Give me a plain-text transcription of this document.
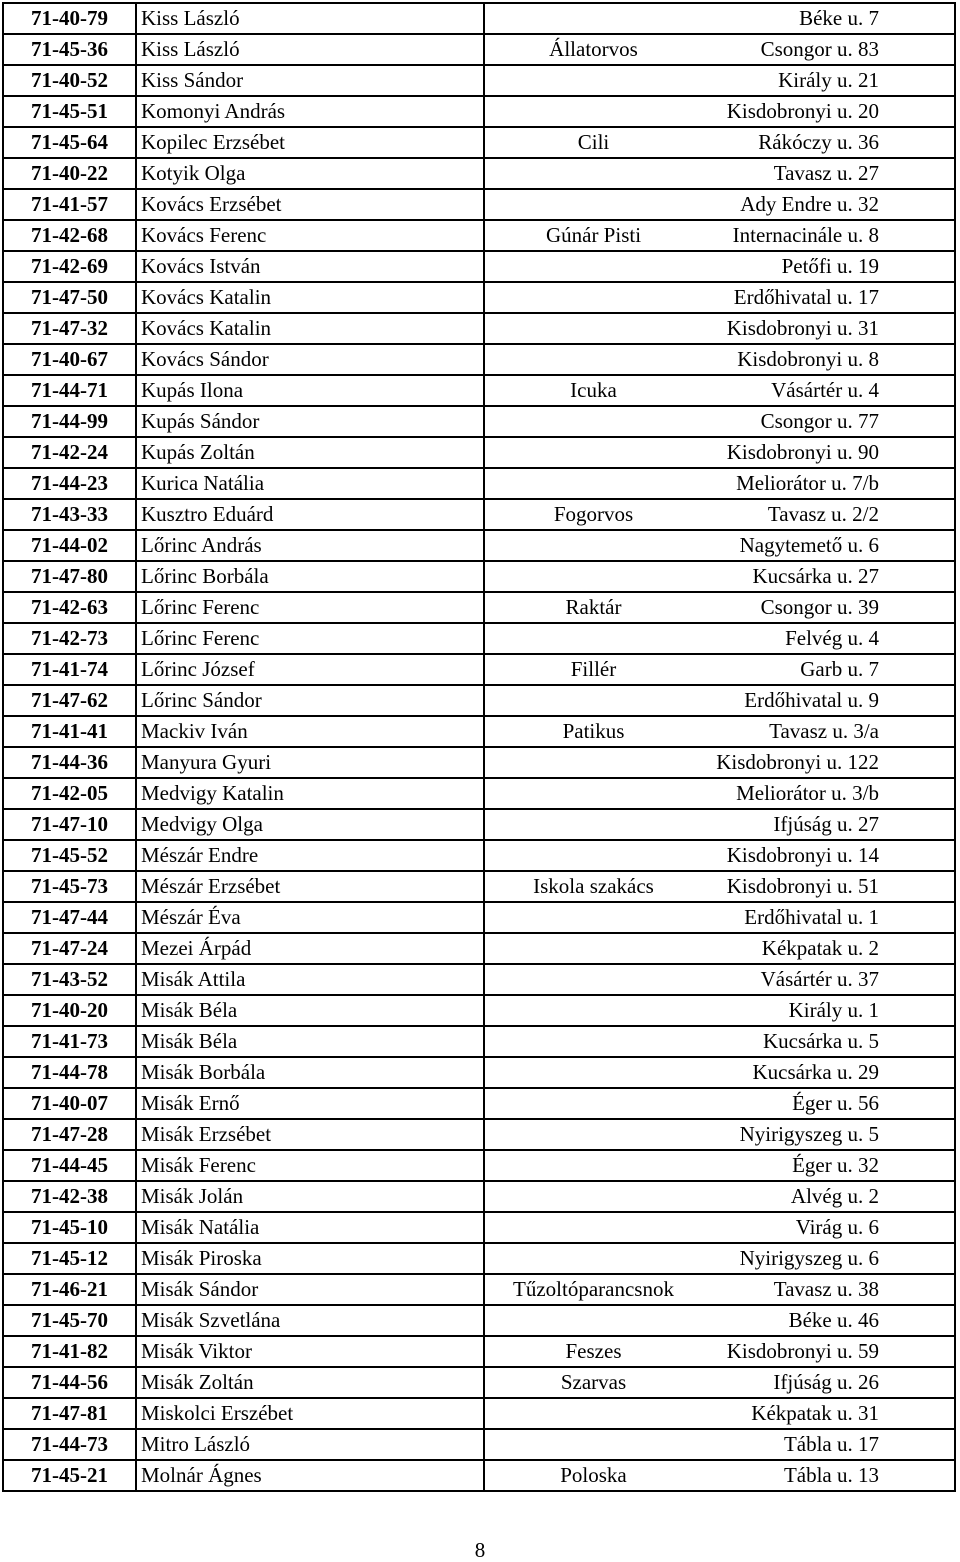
71-40-79	Kiss László		Béke u. 7
71-45-36	Kiss László	Állatorvos	Csongor u. 83
71-40-52	Kiss Sándor		Király u. 21
71-45-51	Komonyi András		Kisdobronyi u. 20
71-45-64	Kopilec Erzsébet	Cili	Rákóczy u. 36
71-40-22	Kotyik Olga		Tavasz u. 27
71-41-57	Kovács Erzsébet		Ady Endre u. 32
71-42-68	Kovács Ferenc	Gúnár Pisti	Internacinále u. 8
71-42-69	Kovács István		Petőfi u. 19
71-47-50	Kovács Katalin		Erdőhivatal u. 17
71-47-32	Kovács Katalin		Kisdobronyi u. 31
71-40-67	Kovács Sándor		Kisdobronyi u. 8
71-44-71	Kupás Ilona	Icuka	Vásártér u. 4
71-44-99	Kupás Sándor		Csongor u. 77
71-42-24	Kupás Zoltán		Kisdobronyi u. 90
71-44-23	Kurica Natália		Meliorátor u. 7/b
71-43-33	Kusztro Eduárd	Fogorvos	Tavasz u. 2/2
71-44-02	Lőrinc András		Nagytemető u. 6
71-47-80	Lőrinc Borbála		Kucsárka u. 27
71-42-63	Lőrinc Ferenc	Raktár	Csongor u. 39
71-42-73	Lőrinc Ferenc		Felvég u. 4
71-41-74	Lőrinc József	Fillér	Garb u. 7
71-47-62	Lőrinc Sándor		Erdőhivatal u. 9
71-41-41	Mackiv Iván	Patikus	Tavasz u. 3/a
71-44-36	Manyura Gyuri		Kisdobronyi u. 122
71-42-05	Medvigy Katalin		Meliorátor u. 3/b
71-47-10	Medvigy Olga		Ifjúság u. 27
71-45-52	Mészár Endre		Kisdobronyi u. 14
71-45-73	Mészár Erzsébet	Iskola szakács	Kisdobronyi u. 51
71-47-44	Mészár Éva		Erdőhivatal u. 1
71-47-24	Mezei Árpád		Kékpatak u. 2
71-43-52	Misák Attila		Vásártér u. 37
71-40-20	Misák Béla		Király u. 1
71-41-73	Misák Béla		Kucsárka u. 5
71-44-78	Misák Borbála		Kucsárka u. 29
71-40-07	Misák Ernő		Éger u. 56
71-47-28	Misák Erzsébet		Nyirigyszeg u. 5
71-44-45	Misák Ferenc		Éger u. 32
71-42-38	Misák Jolán		Alvég u. 2
71-45-10	Misák Natália		Virág u. 6
71-45-12	Misák Piroska		Nyirigyszeg u. 6
71-46-21	Misák Sándor	Tűzoltóparancsnok	Tavasz u. 38
71-45-70	Misák Szvetlána		Béke u. 46
71-41-82	Misák Viktor	Feszes	Kisdobronyi u. 59
71-44-56	Misák Zoltán	Szarvas	Ifjúság u. 26
71-47-81	Miskolci Erszébet		Kékpatak u. 31
71-44-73	Mitro László		Tábla u. 17
71-45-21	Molnár Ágnes	Poloska	Tábla u. 13
8
